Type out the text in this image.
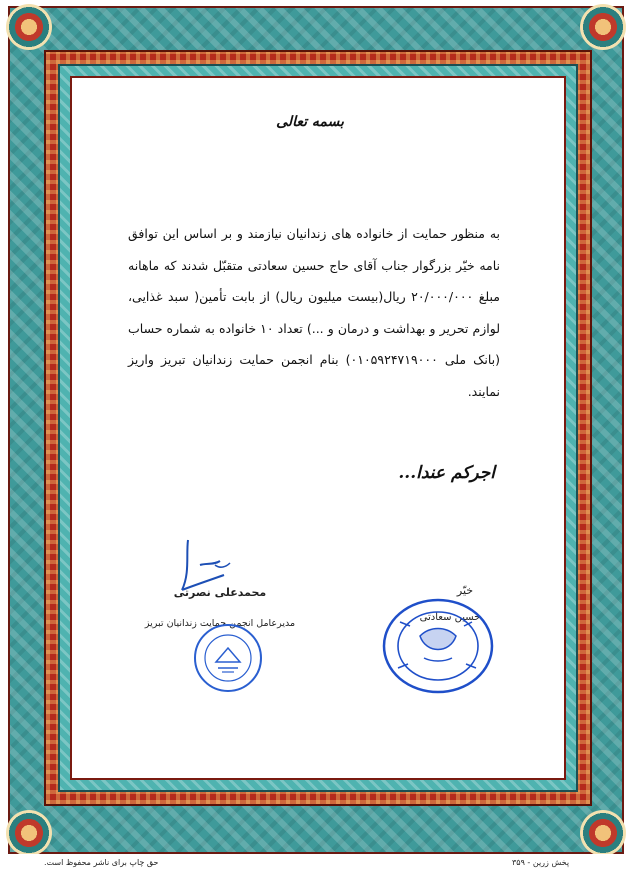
بسمه تعالی

به منظور حمایت از خانواده های زندانیان نیازمند و بر اساس این توافق نامه خیّر بزرگوار جناب آقای حاج حسین سعادتی متقبّل شدند که ماهانه مبلغ ۲۰/۰۰۰/۰۰۰ ریال(بیست میلیون ریال) از بابت تأمین( سبد غذایی، لوازم تحریر و بهداشت و درمان و ...) تعداد ۱۰ خانواده به شماره حساب (بانک ملی ۰۱۰۵۹۲۴۷۱۹۰۰۰) بنام انجمن حمایت زندانیان تبریز واریز نمایند.

اجرکم عندا...
محمدعلی نصرتی
مدیرعامل انجمن حمایت زندانیان تبریز
خیّر
حسین سعادتی
حق چاپ برای ناشر محفوظ است.	پخش زرین - ۳۵۹
